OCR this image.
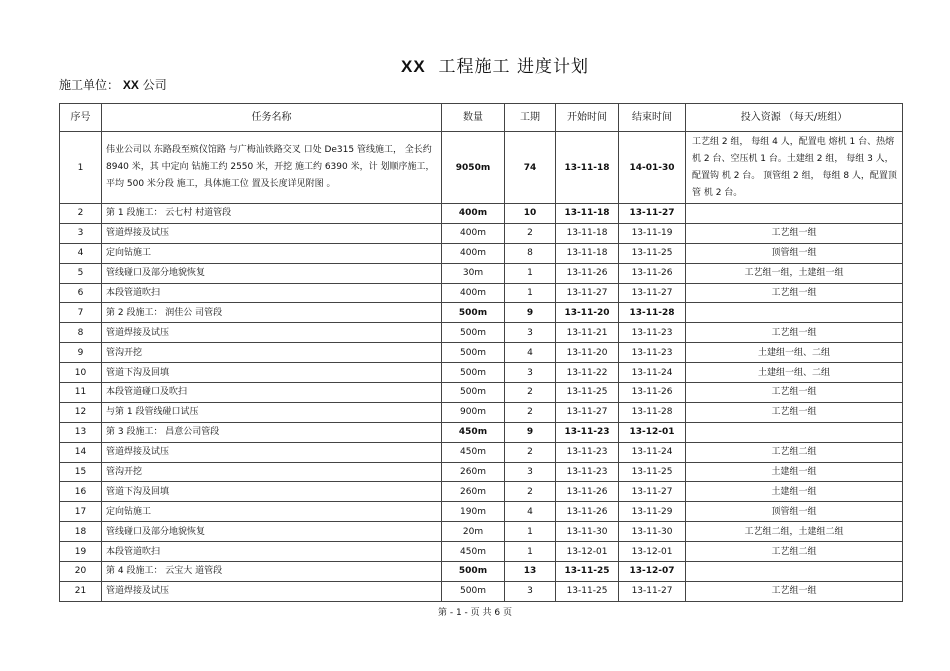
XX 工程施工 进度计划
施工单位： XX 公司
序号	任务名称	数量	工期	开始时间	结束时间	投入资源 （每天/班组）
1	伟业公司以 东路段至殡仪馆路 与广梅汕铁路交叉 口处 De315 管线施工， 全长约 8940 米，其 中定向 钻施工约 2550 米，开挖 施工约 6390 米，计 划顺序施工，平均 500 米分段 施工，具体施工位 置及长度详见附图 。	9050m	74	13-11-18	14-01-30	工艺组 2 组， 每组 4 人，配置电 熔机 1 台、热熔机 2 台、空压机 1 台。土建组 2 组， 每组 3 人，配置钩 机 2 台。 顶管组 2 组， 每组 8 人，配置顶 管 机 2 台。
2	第 1 段施工： 云七村 村道管段	400m	10	13-11-18	13-11-27	
3	管道焊接及试压	400m	2	13-11-18	13-11-19	工艺组一组
4	定向钻施工	400m	8	13-11-18	13-11-25	顶管组一组
5	管线碰口及部分地貌恢复	30m	1	13-11-26	13-11-26	工艺组一组，土建组一组
6	本段管道吹扫	400m	1	13-11-27	13-11-27	工艺组一组
7	第 2 段施工： 润佳公 司管段	500m	9	13-11-20	13-11-28	
8	管道焊接及试压	500m	3	13-11-21	13-11-23	工艺组一组
9	管沟开挖	500m	4	13-11-20	13-11-23	土建组一组、二组
10	管道下沟及回填	500m	3	13-11-22	13-11-24	土建组一组、二组
11	本段管道碰口及吹扫	500m	2	13-11-25	13-11-26	工艺组一组
12	与第 1 段管线碰口试压	900m	2	13-11-27	13-11-28	工艺组一组
13	第 3 段施工： 昌意公司管段	450m	9	13-11-23	13-12-01	
14	管道焊接及试压	450m	2	13-11-23	13-11-24	工艺组二组
15	管沟开挖	260m	3	13-11-23	13-11-25	土建组一组
16	管道下沟及回填	260m	2	13-11-26	13-11-27	土建组一组
17	定向钻施工	190m	4	13-11-26	13-11-29	顶管组一组
18	管线碰口及部分地貌恢复	20m	1	13-11-30	13-11-30	工艺组二组，土建组二组
19	本段管道吹扫	450m	1	13-12-01	13-12-01	工艺组二组
20	第 4 段施工： 云宝大 道管段	500m	13	13-11-25	13-12-07	
21	管道焊接及试压	500m	3	13-11-25	13-11-27	工艺组一组
第 - 1 - 页 共 6 页
